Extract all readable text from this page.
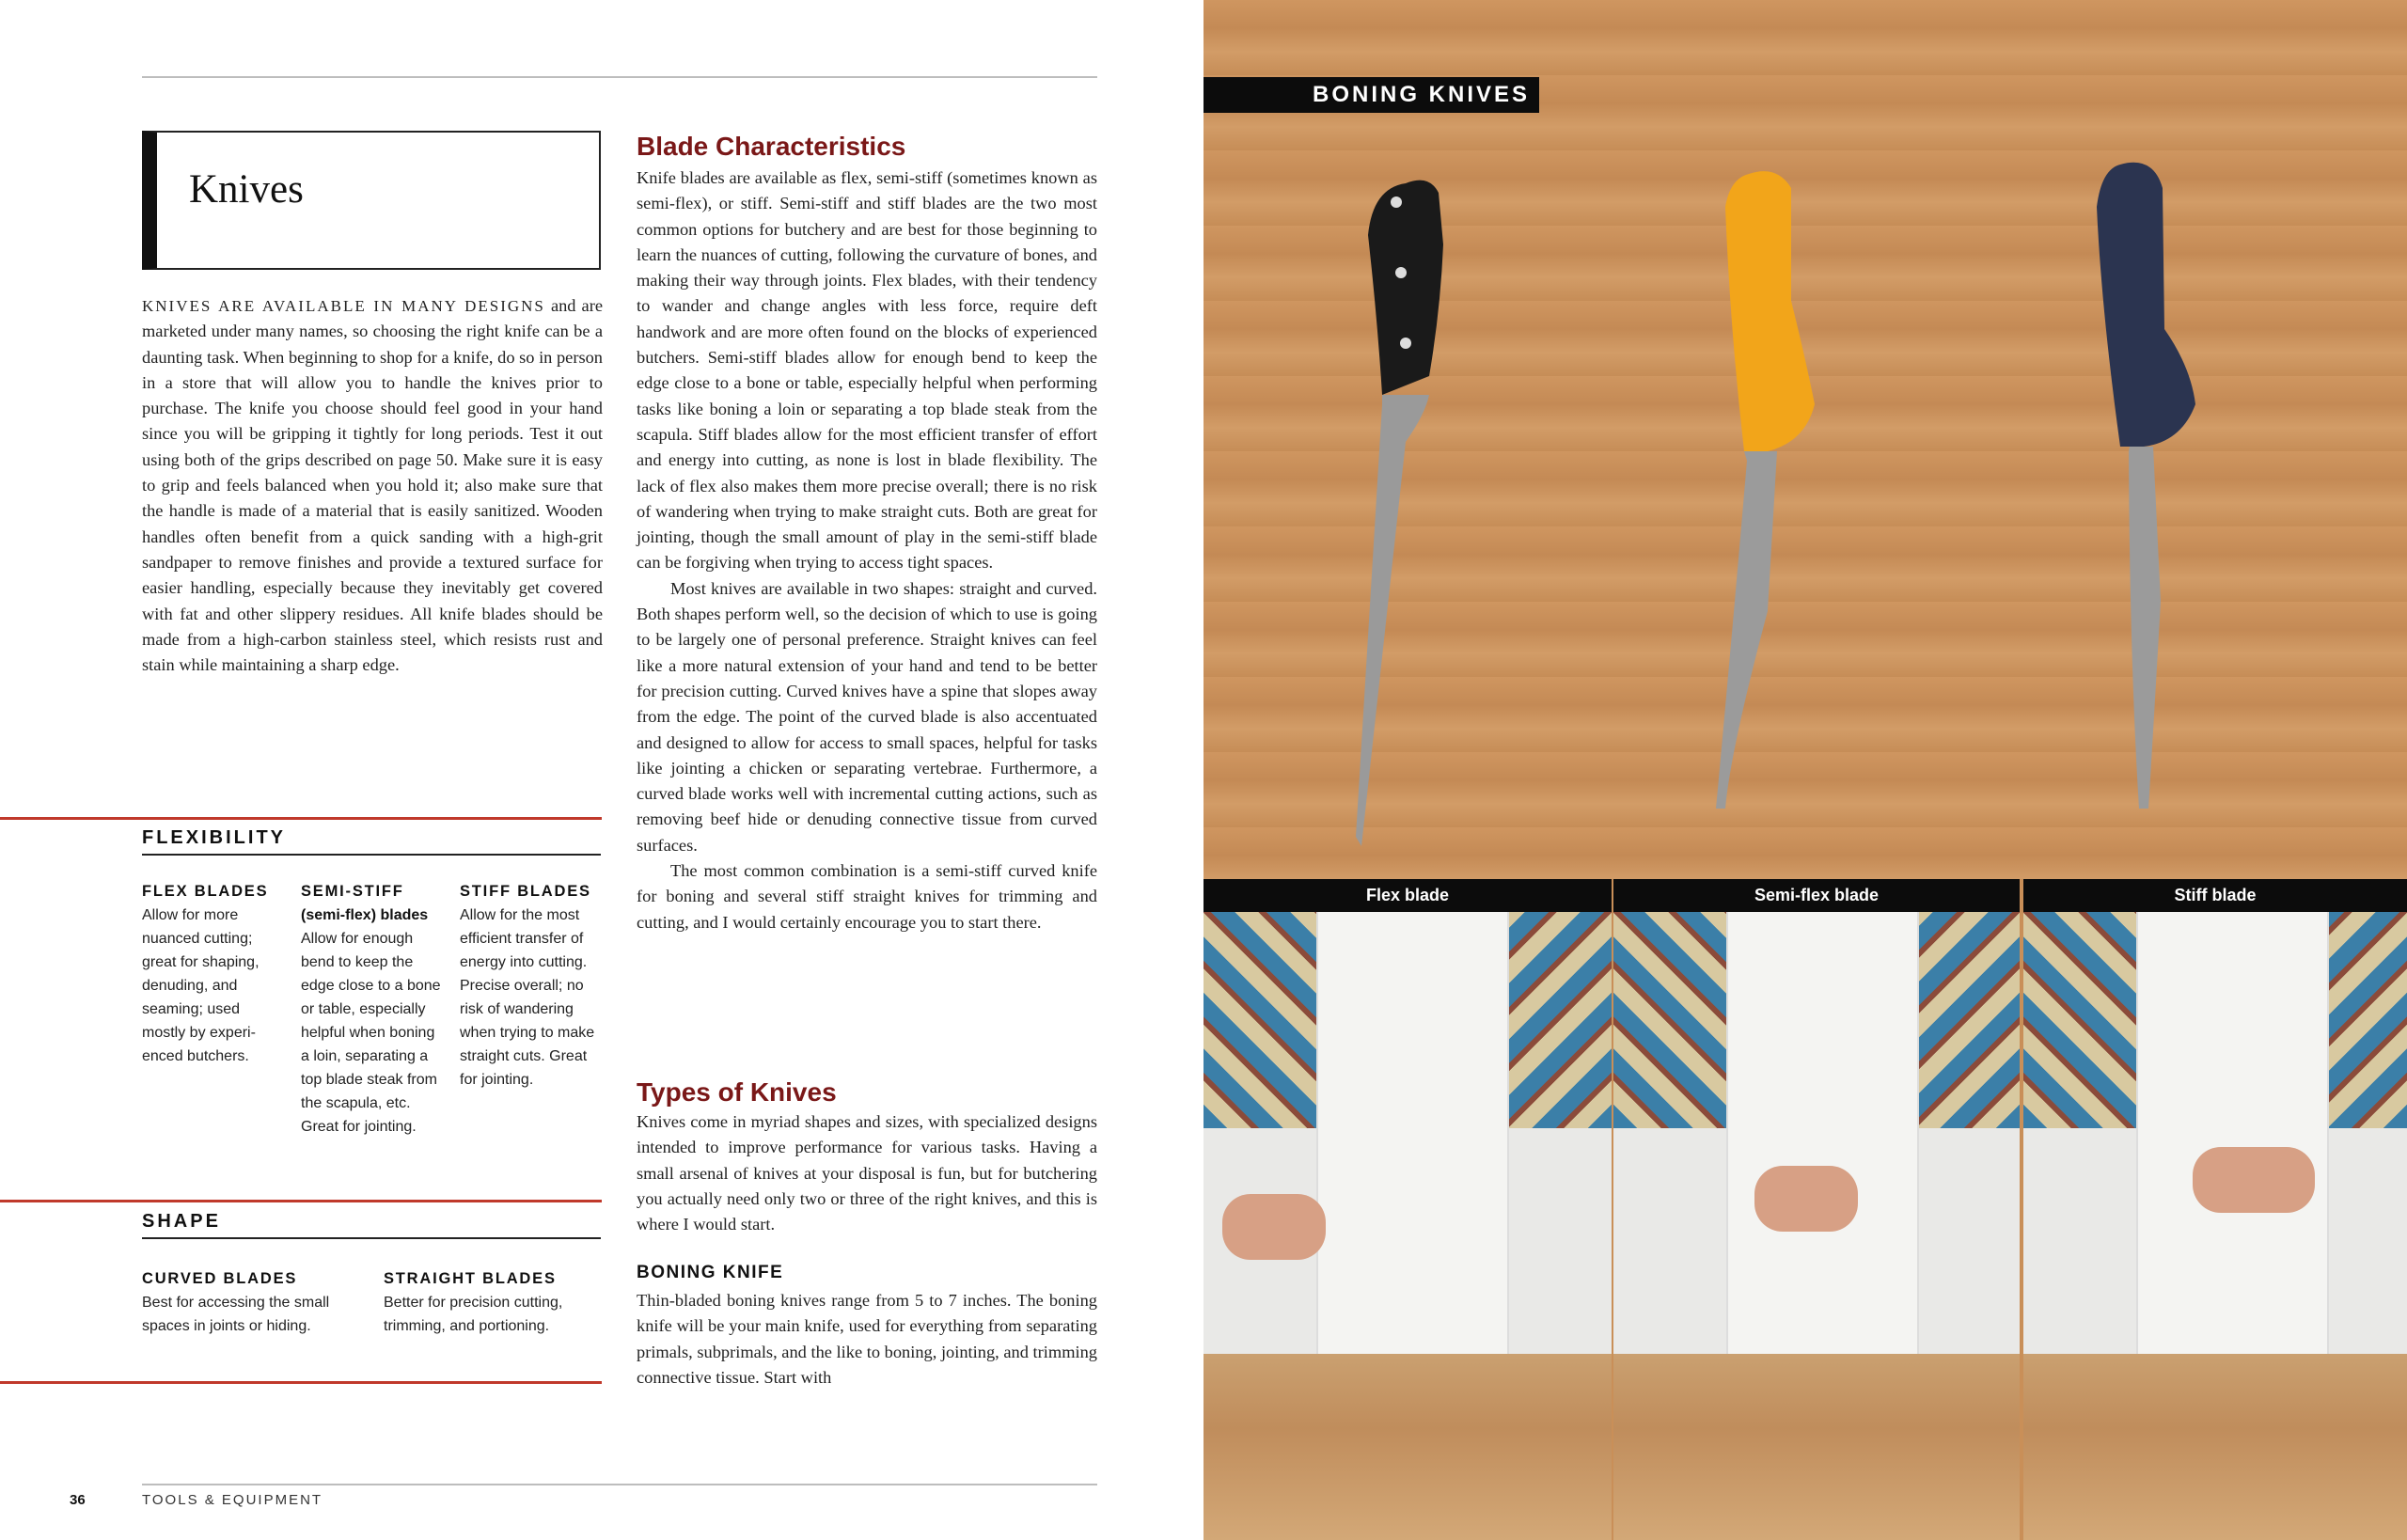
Knives
KNIVES ARE AVAILABLE IN MANY DESIGNS and are marketed under many names, so choosing the right knife can be a daunting task. When beginning to shop for a knife, do so in person in a store that will allow you to handle the knives prior to purchase. The knife you choose should feel good in your hand since you will be gripping it tightly for long periods. Test it out using both of the grips described on page 50. Make sure it is easy to grip and feels balanced when you hold it; also make sure that the handle is made of a material that is easily sanitized. Wooden handles often benefit from a quick sanding with a high-grit sandpaper to remove finishes and provide a textured surface for easier handling, especially because they inevitably get covered with fat and other slippery residues. All knife blades should be made from a high-carbon stainless steel, which resists rust and stain while maintaining a sharp edge.
FLEXIBILITY
FLEX BLADES
Allow for more nuanced cutting; great for shaping, denuding, and seaming; used mostly by experienced butchers.
SEMI-STIFF
(semi-flex) blades
Allow for enough bend to keep the edge close to a bone or table, especially helpful when boning a loin, separating a top blade steak from the scapula, etc. Great for jointing.
STIFF BLADES
Allow for the most efficient transfer of energy into cutting. Precise overall; no risk of wandering when trying to make straight cuts. Great for jointing.
SHAPE
CURVED BLADES
Best for accessing the small spaces in joints or hiding.
STRAIGHT BLADES
Better for precision cutting, trimming, and portioning.
Blade Characteristics

Knife blades are available as flex, semi-stiff (sometimes known as semi-flex), or stiff. Semi-stiff and stiff blades are the two most common options for butchery and are best for those beginning to learn the nuances of cutting, following the curvature of bones, and making their way through joints. Flex blades, with their tendency to wander and change angles with less force, require deft handwork and are more often found on the blocks of experienced butchers. Semi-stiff blades allow for enough bend to keep the edge close to a bone or table, especially helpful when performing tasks like boning a loin or separating a top blade steak from the scapula. Stiff blades allow for the most efficient transfer of effort and energy into cutting, as none is lost in blade flexibility. The lack of flex also makes them more precise overall; there is no risk of wandering when trying to make straight cuts. Both are great for jointing, though the small amount of play in the semi-stiff blade can be forgiving when trying to access tight spaces.

Most knives are available in two shapes: straight and curved. Both shapes perform well, so the decision of which to use is going to be largely one of personal preference. Straight knives can feel like a more natural extension of your hand and tend to be better for precision cutting. Curved knives have a spine that slopes away from the edge. The point of the curved blade is also accentuated and designed to allow for access to small spaces, helpful for tasks like jointing a chicken or separating vertebrae. Furthermore, a curved blade works well with incremental cutting actions, such as removing beef hide or denuding connective tissue from curved surfaces.

The most common combination is a semi-stiff curved knife for boning and several stiff straight knives for trimming and cutting, and I would certainly encourage you to start there.

Types of Knives

Knives come in myriad shapes and sizes, with specialized designs intended to improve performance for various tasks. Having a small arsenal of knives at your disposal is fun, but for butchering you actually need only two or three of the right knives, and this is where I would start.

BONING KNIFE

Thin-bladed boning knives range from 5 to 7 inches. The boning knife will be your main knife, used for everything from separating primals, subprimals, and the like to boning, jointing, and trimming connective tissue. Start with

36	TOOLS & EQUIPMENT
BONING KNIVES
Flex blade	Semi-flex blade	Stiff blade
